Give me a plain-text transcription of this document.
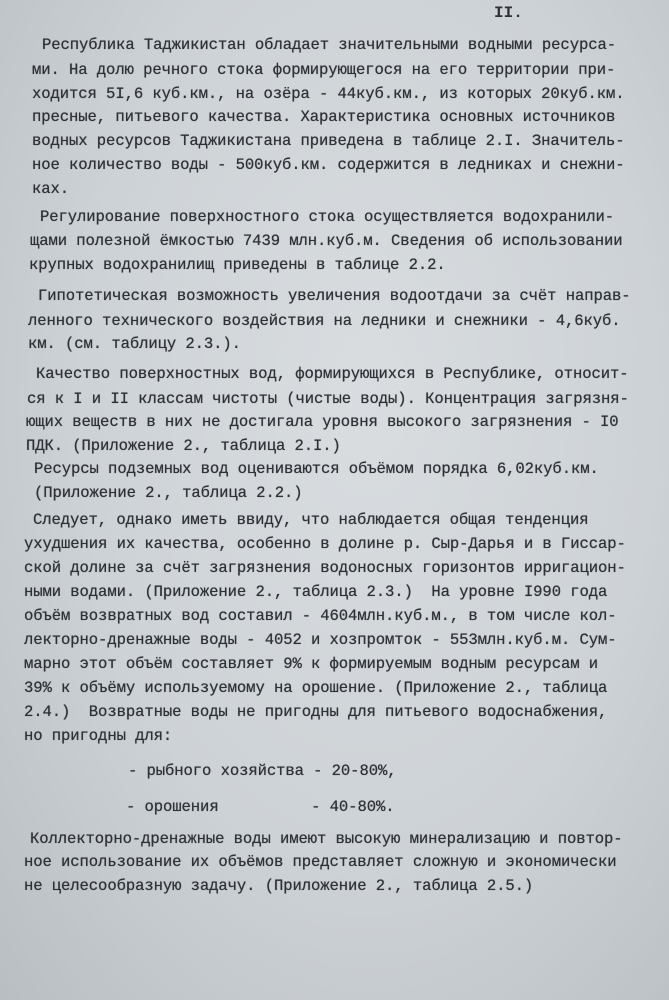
II.
Республика Таджикистан обладает значительными водными ресурса-
ми. На долю речного стока формирующегося на его территории при-
ходится 5I,6 куб.км., на озёра - 44куб.км., из которых 20куб.км.
пресные, питьевого качества. Характеристика основных источников
водных ресурсов Таджикистана приведена в таблице 2.I. Значитель-
ное количество воды - 500куб.км. содержится в ледниках и снежни-
ках.
Регулирование поверхностного стока осуществляется водохранили-
щами полезной ёмкостью 7439 млн.куб.м. Сведения об использовании
крупных водохранилищ приведены в таблице 2.2.
Гипотетическая возможность увеличения водоотдачи за счёт направ-
ленного технического воздействия на ледники и снежники - 4,6куб.
км. (см. таблицу 2.3.).
Качество поверхностных вод, формирующихся в Республике, относит-
ся к I и II классам чистоты (чистые воды). Концентрация загрязня-
ющих веществ в них не достигала уровня высокого загрязнения - I0
ПДК. (Приложение 2., таблица 2.I.)
Ресурсы подземных вод оцениваются объёмом порядка 6,02куб.км.
(Приложение 2., таблица 2.2.)
Следует, однако иметь ввиду, что наблюдается общая тенденция
ухудшения их качества, особенно в долине р. Сыр-Дарья и в Гиссар-
ской долине за счёт загрязнения водоносных горизонтов ирригацион-
ными водами. (Приложение 2., таблица 2.3.)  На уровне I990 года
объём возвратных вод составил - 4604млн.куб.м., в том числе кол-
лекторно-дренажные воды - 4052 и хозпромток - 553млн.куб.м. Сум-
марно этот объём составляет 9% к формируемым водным ресурсам и
39% к объёму используемому на орошение. (Приложение 2., таблица
2.4.)  Возвратные воды не пригодны для питьевого водоснабжения,
но пригодны для:
- рыбного хозяйства - 20-80%,
- орошения          - 40-80%.
Коллекторно-дренажные воды имеют высокую минерализацию и повтор-
ное использование их объёмов представляет сложную и экономически
не целесообразную задачу. (Приложение 2., таблица 2.5.)
